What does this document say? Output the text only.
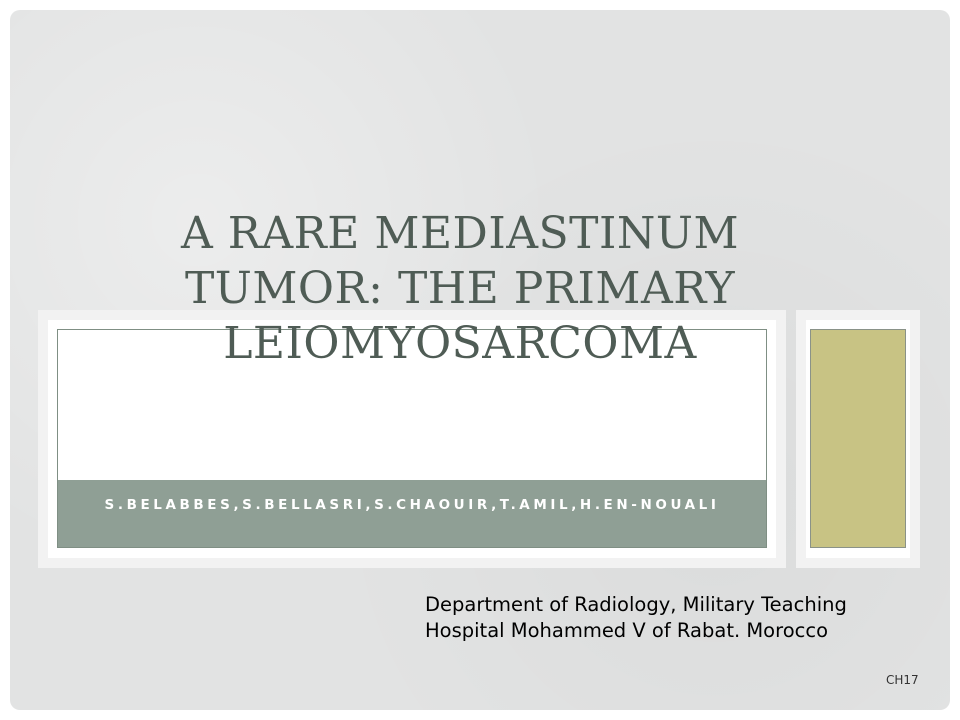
S.BELABBES,S.BELLASRI,S.CHAOUIR,T.AMIL,H.EN-NOUALI
A RARE MEDIASTINUM
TUMOR: THE PRIMARY
LEIOMYOSARCOMA
Department of Radiology, Military Teaching
Hospital Mohammed V of Rabat. Morocco
CH17
